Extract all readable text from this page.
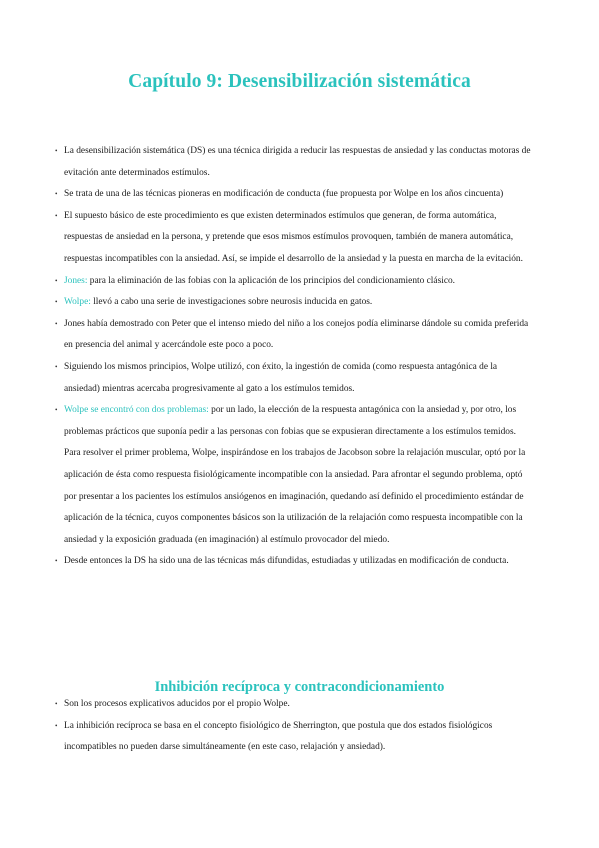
Capítulo 9: Desensibilización sistemática
• La desensibilización sistemática (DS) es una técnica dirigida a reducir las respuestas de ansiedad y las conductas motoras de evitación ante determinados estímulos.
• Se trata de una de las técnicas pioneras en modificación de conducta (fue propuesta por Wolpe en los años cincuenta)
• El supuesto básico de este procedimiento es que existen determinados estímulos que generan, de forma automática, respuestas de ansiedad en la persona, y pretende que esos mismos estímulos provoquen, también de manera automática, respuestas incompatibles con la ansiedad. Así, se impide el desarrollo de la ansiedad y la puesta en marcha de la evitación.
• Jones: para la eliminación de las fobias con la aplicación de los principios del condicionamiento clásico.
• Wolpe: llevó a cabo una serie de investigaciones sobre neurosis inducida en gatos.
• Jones había demostrado con Peter que el intenso miedo del niño a los conejos podía eliminarse dándole su comida preferida en presencia del animal y acercándole este poco a poco.
• Siguiendo los mismos principios, Wolpe utilizó, con éxito, la ingestión de comida (como respuesta antagónica de la ansiedad) mientras acercaba progresivamente al gato a los estímulos temidos.
• Wolpe se encontró con dos problemas: por un lado, la elección de la respuesta antagónica con la ansiedad y, por otro, los problemas prácticos que suponía pedir a las personas con fobias que se expusieran directamente a los estímulos temidos. Para resolver el primer problema, Wolpe, inspirándose en los trabajos de Jacobson sobre la relajación muscular, optó por la aplicación de ésta como respuesta fisiológicamente incompatible con la ansiedad. Para afrontar el segundo problema, optó por presentar a los pacientes los estímulos ansiógenos en imaginación, quedando así definido el procedimiento estándar de aplicación de la técnica, cuyos componentes básicos son la utilización de la relajación como respuesta incompatible con la ansiedad y la exposición graduada (en imaginación) al estímulo provocador del miedo.
• Desde entonces la DS ha sido una de las técnicas más difundidas, estudiadas y utilizadas en modificación de conducta.
Inhibición recíproca y contracondicionamiento
• Son los procesos explicativos aducidos por el propio Wolpe.
• La inhibición recíproca se basa en el concepto fisiológico de Sherrington, que postula que dos estados fisiológicos incompatibles no pueden darse simultáneamente (en este caso, relajación y ansiedad).
